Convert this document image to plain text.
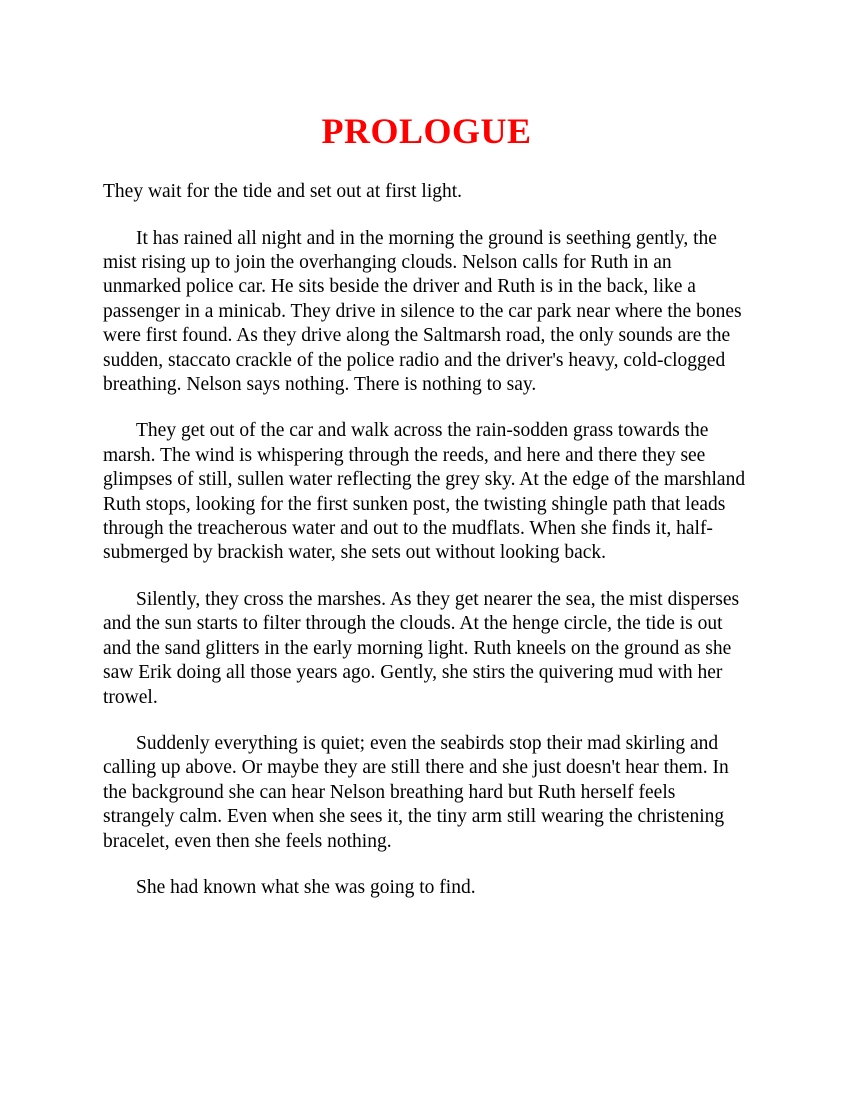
PROLOGUE

They wait for the tide and set out at first light.

It has rained all night and in the morning the ground is seething gently, the mist rising up to join the overhanging clouds. Nelson calls for Ruth in an unmarked police car. He sits beside the driver and Ruth is in the back, like a passenger in a minicab. They drive in silence to the car park near where the bones were first found. As they drive along the Saltmarsh road, the only sounds are the sudden, staccato crackle of the police radio and the driver's heavy, cold-clogged breathing. Nelson says nothing. There is nothing to say.

They get out of the car and walk across the rain-sodden grass towards the marsh. The wind is whispering through the reeds, and here and there they see glimpses of still, sullen water reflecting the grey sky. At the edge of the marshland Ruth stops, looking for the first sunken post, the twisting shingle path that leads through the treacherous water and out to the mudflats. When she finds it, half-submerged by brackish water, she sets out without looking back.

Silently, they cross the marshes. As they get nearer the sea, the mist disperses and the sun starts to filter through the clouds. At the henge circle, the tide is out and the sand glitters in the early morning light. Ruth kneels on the ground as she saw Erik doing all those years ago. Gently, she stirs the quivering mud with her trowel.

Suddenly everything is quiet; even the seabirds stop their mad skirling and calling up above. Or maybe they are still there and she just doesn't hear them. In the background she can hear Nelson breathing hard but Ruth herself feels strangely calm. Even when she sees it, the tiny arm still wearing the christening bracelet, even then she feels nothing.

She had known what she was going to find.
